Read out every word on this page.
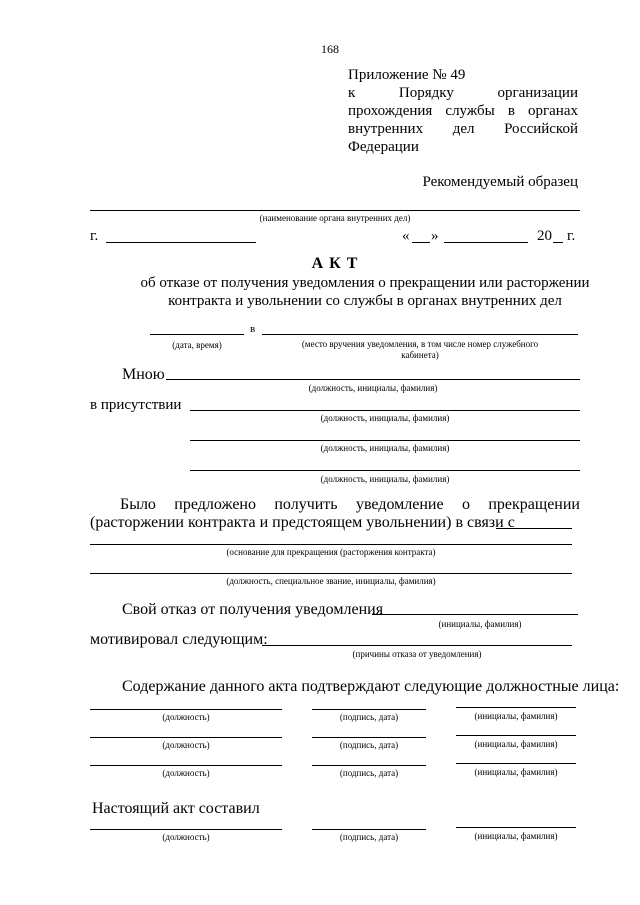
168
Приложение № 49
к Порядку организации
прохождения службы в органах
внутренних дел Российской
Федерации
Рекомендуемый образец
(наименование органа внутренних дел)
г.	« »	20 г.
А К Т
об отказе от получения уведомления о прекращении или расторжении
контракта и увольнении со службы в органах внутренних дел
(дата, время)
в
(место вручения уведомления, в том числе номер служебного
кабинета)
Мною
(должность, инициалы, фамилия)
в присутствии
(должность, инициалы, фамилия)
(должность, инициалы, фамилия)
(должность, инициалы, фамилия)
Было предложено получить уведомление о прекращении
(расторжении контракта и предстоящем увольнении) в связи с
(основание для прекращения (расторжения контракта)
(должность, специальное звание, инициалы, фамилия)
Свой отказ от получения уведомления
(инициалы, фамилия)
мотивировал следующим:
(причины отказа от уведомления)
Содержание данного акта подтверждают следующие должностные лица:
(должность)	(подпись, дата)	(инициалы, фамилия)
(должность)	(подпись, дата)	(инициалы, фамилия)
(должность)	(подпись, дата)	(инициалы, фамилия)
Настоящий акт составил
(должность)	(подпись, дата)	(инициалы, фамилия)
